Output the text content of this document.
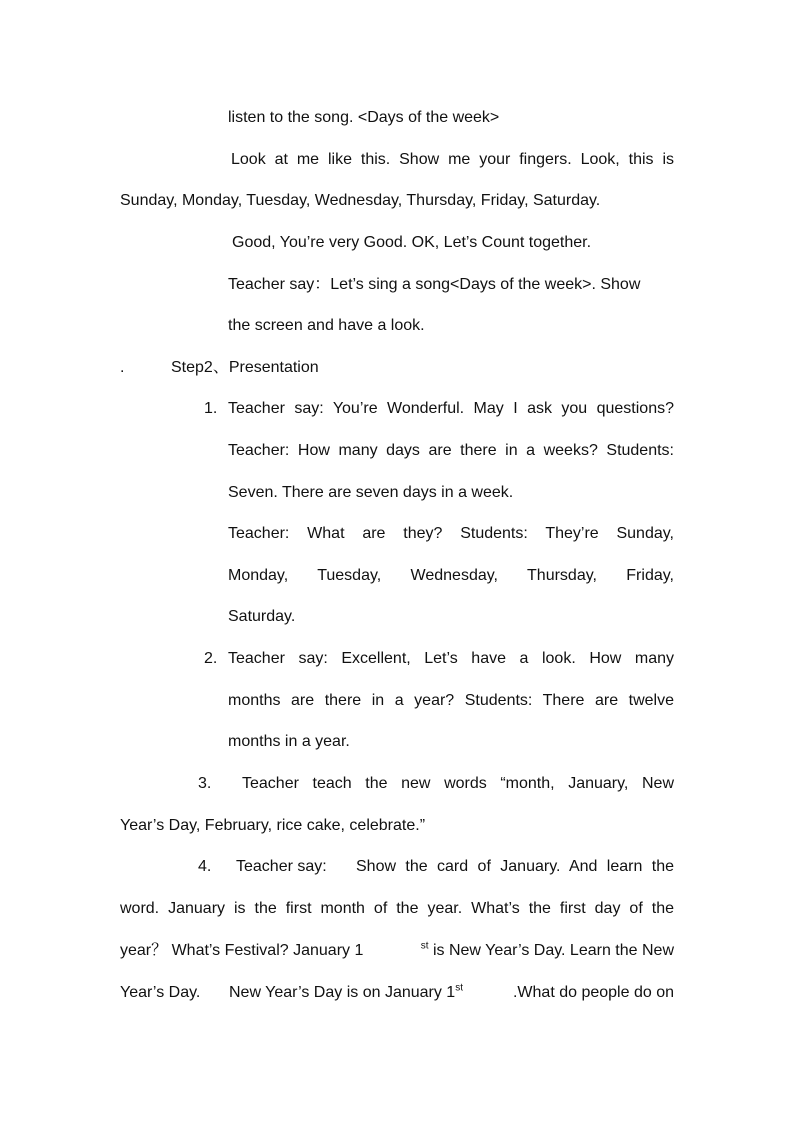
listen to the song. <Days of the week>
Look at me like this. Show me your fingers. Look, this is
Sunday, Monday, Tuesday, Wednesday, Thursday, Friday, Saturday.
Good, You’re very Good. OK, Let’s Count together.
Teacher say：Let’s sing a song<Days of the week>. Show
the screen and have a look.
.	Step2、Presentation
1. Teacher say: You’re Wonderful. May I ask you questions?
Teacher: How many days are there in a weeks? Students:
Seven. There are seven days in a week.
Teacher: What are they? Students: They’re Sunday,
Monday, Tuesday, Wednesday, Thursday, Friday,
Saturday.
2. Teacher say: Excellent, Let’s have a look. How many
months are there in a year? Students: There are twelve
months in a year.
3. Teacher teach the new words “month, January, New
Year’s Day, February, rice cake, celebrate.”
4. Teacher say: Show the card of January. And learn the
word. January is the first month of the year. What’s the first day of the
year？ What’s Festival? January 1	$^{st}$ is New Year’s Day. Learn the New
Year’s Day. New Year’s Day is on January 1st	.What do people do on
